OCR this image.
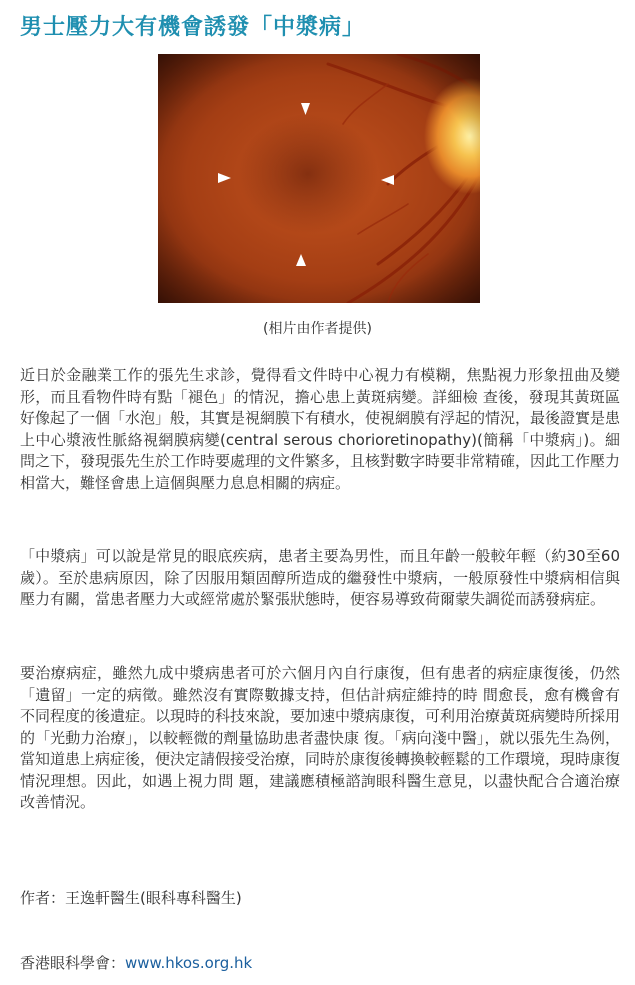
男士壓力大有機會誘發「中漿病」
(相片由作者提供)

近日於金融業工作的張先生求診，覺得看文件時中心視力有模糊，焦點視力形象扭曲及變形，而且看物件時有點「褪色」的情況，擔心患上黃斑病變。詳細檢 查後，發現其黃斑區好像起了一個「水泡」般，其實是視網膜下有積水，使視網膜有浮起的情況，最後證實是患上中心漿液性脈絡視網膜病變(central serous chorioretinopathy)(簡稱「中漿病」)。細問之下，發現張先生於工作時要處理的文件繁多，且核對數字時要非常精確，因此工作壓力相當大，難怪會患上這個與壓力息息相關的病症。

「中漿病」可以說是常見的眼底疾病，患者主要為男性，而且年齡一般較年輕（約30至60歲）。至於患病原因，除了因服用類固醇所造成的繼發性中漿病，一般原發性中漿病相信與壓力有關，當患者壓力大或經常處於緊張狀態時，便容易導致荷爾蒙失調從而誘發病症。

要治療病症，雖然九成中漿病患者可於六個月內自行康復，但有患者的病症康復後，仍然「遺留」一定的病徵。雖然沒有實際數據支持，但估計病症維持的時 間愈長，愈有機會有不同程度的後遺症。以現時的科技來說，要加速中漿病康復，可利用治療黃斑病變時所採用的「光動力治療」，以較輕微的劑量協助患者盡快康 復。「病向淺中醫」，就以張先生為例，當知道患上病症後，便決定請假接受治療，同時於康復後轉換較輕鬆的工作環境，現時康復情況理想。因此，如遇上視力問 題，建議應積極諮詢眼科醫生意見，以盡快配合合適治療改善情況。

作者：王逸軒醫生(眼科專科醫生)
香港眼科學會：www.hkos.org.hk
